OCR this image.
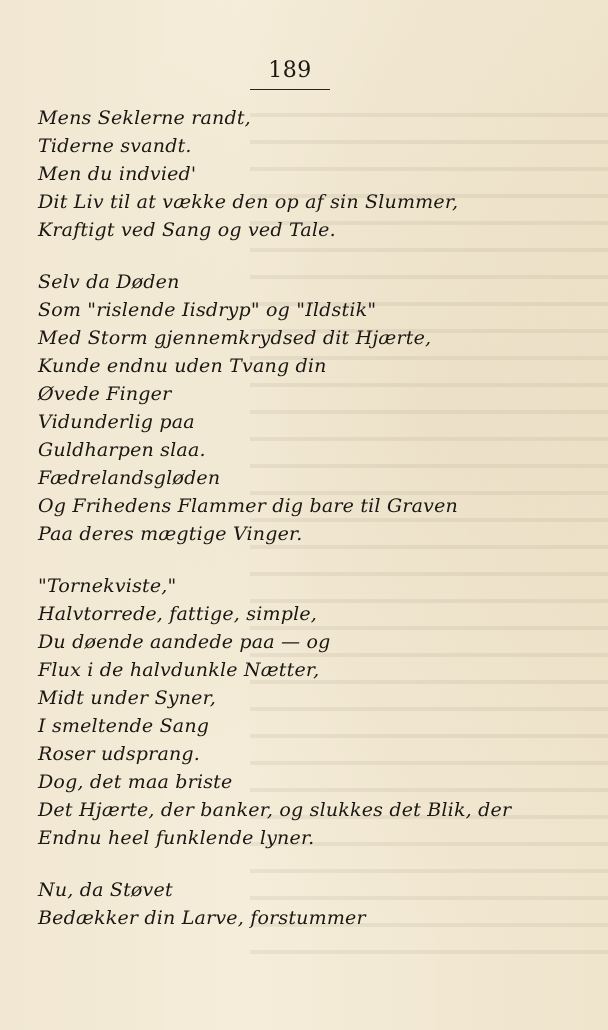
189
Mens Seklerne randt,
Tiderne svandt.
Men du indvied'
Dit Liv til at vække den op af sin Slummer,
Kraftigt ved Sang og ved Tale.
Selv da Døden
Som "rislende Iisdryp" og "Ildstik"
Med Storm gjennemkrydsed dit Hjærte,
Kunde endnu uden Tvang din
Øvede Finger
Vidunderlig paa
Guldharpen slaa.
Fædrelandsgløden
Og Frihedens Flammer dig bare til Graven
Paa deres mægtige Vinger.
"Tornekviste,"
Halvtorrede, fattige, simple,
Du døende aandede paa — og
Flux i de halvdunkle Nætter,
Midt under Syner,
I smeltende Sang
Roser udsprang.
Dog, det maa briste
Det Hjærte, der banker, og slukkes det Blik, der
Endnu heel funklende lyner.
Nu, da Støvet
Bedækker din Larve, forstummer
